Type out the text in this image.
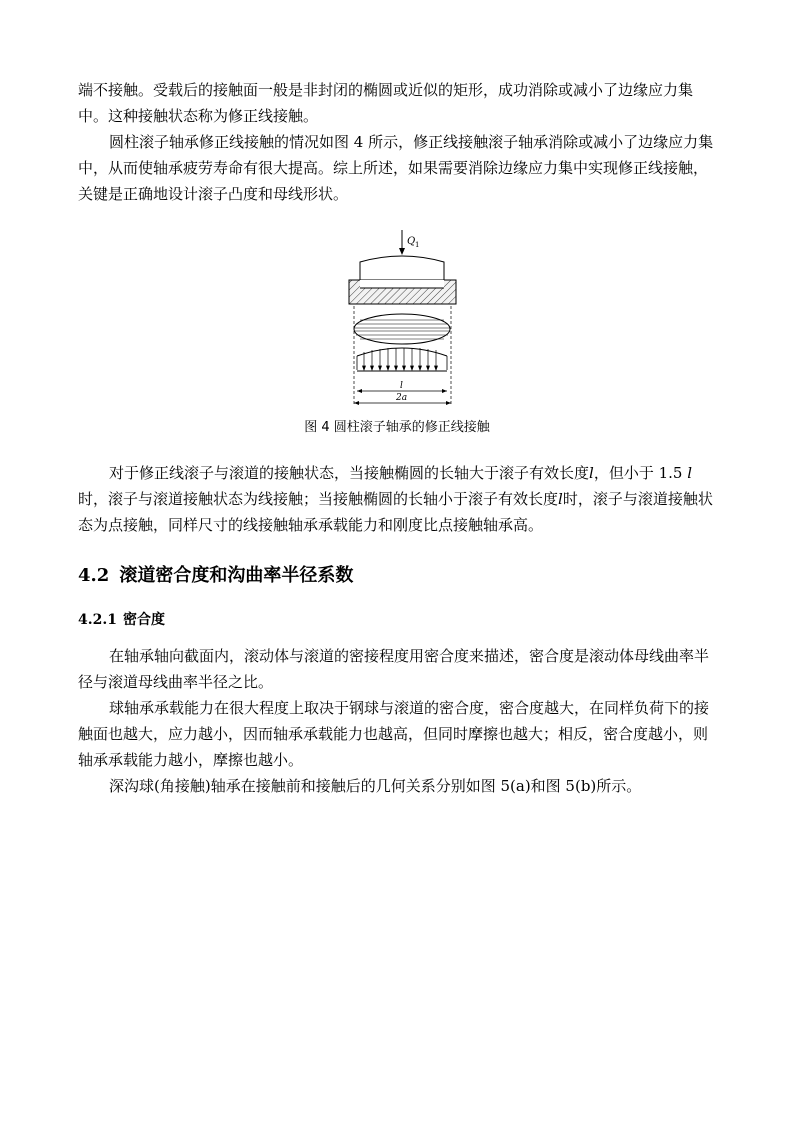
端不接触。受载后的接触面一般是非封闭的椭圆或近似的矩形，成功消除或减小了边缘应力集中。这种接触状态称为修正线接触。

圆柱滚子轴承修正线接触的情况如图 4 所示，修正线接触滚子轴承消除或减小了边缘应力集中，从而使轴承疲劳寿命有很大提高。综上所述，如果需要消除边缘应力集中实现修正线接触，关键是正确地设计滚子凸度和母线形状。

Q 1
l
2a
图 4 圆柱滚子轴承的修正线接触

对于修正线滚子与滚道的接触状态，当接触椭圆的长轴大于滚子有效长度l，但小于 1.5 l时，滚子与滚道接触状态为线接触；当接触椭圆的长轴小于滚子有效长度l时，滚子与滚道接触状态为点接触，同样尺寸的线接触轴承承载能力和刚度比点接触轴承高。

4.2 滚道密合度和沟曲率半径系数
4.2.1 密合度

在轴承轴向截面内，滚动体与滚道的密接程度用密合度来描述，密合度是滚动体母线曲率半径与滚道母线曲率半径之比。

球轴承承载能力在很大程度上取决于钢球与滚道的密合度，密合度越大，在同样负荷下的接触面也越大，应力越小，因而轴承承载能力也越高，但同时摩擦也越大；相反，密合度越小，则轴承承载能力越小，摩擦也越小。

深沟球(角接触)轴承在接触前和接触后的几何关系分别如图 5(a)和图 5(b)所示。
